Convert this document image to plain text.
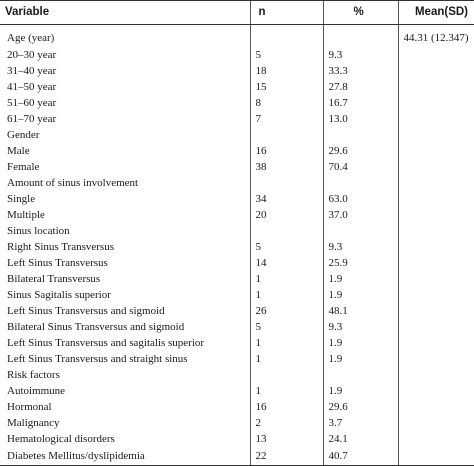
Variable	n	%	Mean(SD)
Age (year)			44.31 (12.347)
20–30 year	5	9.3	
31–40 year	18	33.3	
41–50 year	15	27.8	
51–60 year	8	16.7	
61–70 year	7	13.0	
Gender			
Male	16	29.6	
Female	38	70.4	
Amount of sinus involvement			
Single	34	63.0	
Multiple	20	37.0	
Sinus location			
Right Sinus Transversus	5	9.3	
Left Sinus Transversus	14	25.9	
Bilateral Transversus	1	1.9	
Sinus Sagitalis superior	1	1.9	
Left Sinus Transversus and sigmoid	26	48.1	
Bilateral Sinus Transversus and sigmoid	5	9.3	
Left Sinus Transversus and sagitalis superior	1	1.9	
Left Sinus Transversus and straight sinus	1	1.9	
Risk factors			
Autoimmune	1	1.9	
Hormonal	16	29.6	
Malignancy	2	3.7	
Hematological disorders	13	24.1	
Diabetes Mellitus/dyslipidemia	22	40.7	
